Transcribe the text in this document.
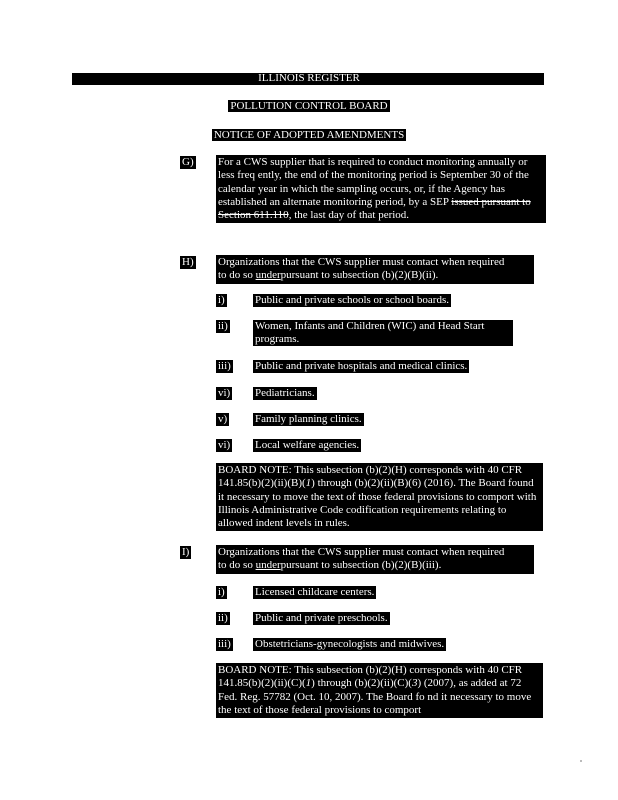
ILLINOIS REGISTER
POLLUTION CONTROL BOARD
NOTICE OF ADOPTED AMENDMENTS
G) For a CWS supplier that is required to conduct monitoring annually or less freq ently, the end of the monitoring period is September 30 of the calendar year in which the sampling occurs, or, if the Agency has established an alternate monitoring period, by a SEP issued pursuant to Section 611.110, the last day of that period.
H) Organizations that the CWS supplier must contact when required
to do so underpursuant to subsection (b)(2)(B)(ii).
i)	Public and private schools or school boards.
ii) Women, Infants and Children (WIC) and Head Start programs.
iii) Public and private hospitals and medical clinics.
vi) Pediatricians.
v)	Family planning clinics.
vi) Local welfare agencies.
BOARD NOTE: This subsection (b)(2)(H) corresponds with 40 CFR 141.85(b)(2)(ii)(B)(1) through (b)(2)(ii)(B)(6) (2016). The Board found it necessary to move the text of those federal provisions to comport with Illinois Administrative Code codification requirements relating to allowed indent levels in rules.
I)	Organizations that the CWS supplier must contact when required
to do so underpursuant to subsection (b)(2)(B)(iii).
i)	Licensed childcare centers.
ii) Public and private preschools.
iii) Obstetricians-gynecologists and midwives.
BOARD NOTE: This subsection (b)(2)(H) corresponds with 40 CFR 141.85(b)(2)(ii)(C)(1) through (b)(2)(ii)(C)(3) (2007), as added at 72 Fed. Reg. 57782 (Oct. 10, 2007). The Board fo nd it necessary to move the text of those federal provisions to comport
